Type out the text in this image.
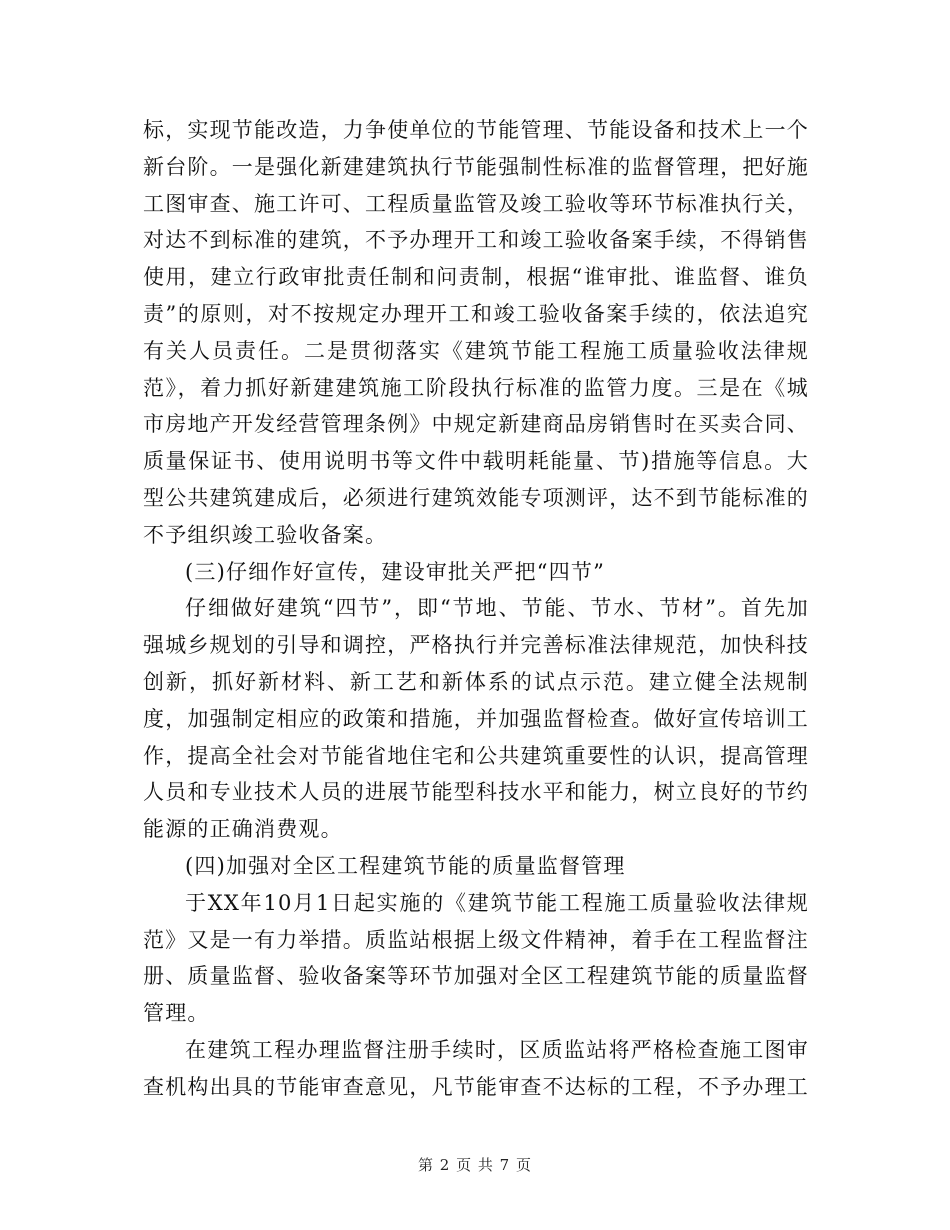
标，实现节能改造，力争使单位的节能管理、节能设备和技术上一个新台阶。一是强化新建建筑执行节能强制性标准的监督管理，把好施工图审查、施工许可、工程质量监管及竣工验收等环节标准执行关，对达不到标准的建筑，不予办理开工和竣工验收备案手续，不得销售使用，建立行政审批责任制和问责制，根据“谁审批、谁监督、谁负责”的原则，对不按规定办理开工和竣工验收备案手续的，依法追究有关人员责任。二是贯彻落实《建筑节能工程施工质量验收法律规范》，着力抓好新建建筑施工阶段执行标准的监管力度。三是在《城市房地产开发经营管理条例》中规定新建商品房销售时在买卖合同、质量保证书、使用说明书等文件中载明耗能量、节)措施等信息。大型公共建筑建成后，必须进行建筑效能专项测评，达不到节能标准的不予组织竣工验收备案。

(三)仔细作好宣传，建设审批关严把“四节”

仔细做好建筑“四节”，即“节地、节能、节水、节材”。首先加强城乡规划的引导和调控，严格执行并完善标准法律规范，加快科技创新，抓好新材料、新工艺和新体系的试点示范。建立健全法规制度，加强制定相应的政策和措施，并加强监督检查。做好宣传培训工作，提高全社会对节能省地住宅和公共建筑重要性的认识，提高管理人员和专业技术人员的进展节能型科技水平和能力，树立良好的节约能源的正确消费观。

(四)加强对全区工程建筑节能的质量监督管理

于XX年10月1日起实施的《建筑节能工程施工质量验收法律规范》又是一有力举措。质监站根据上级文件精神，着手在工程监督注册、质量监督、验收备案等环节加强对全区工程建筑节能的质量监督管理。

在建筑工程办理监督注册手续时，区质监站将严格检查施工图审查机构出具的节能审查意见，凡节能审查不达标的工程，不予办理工

第 2 页 共 7 页
